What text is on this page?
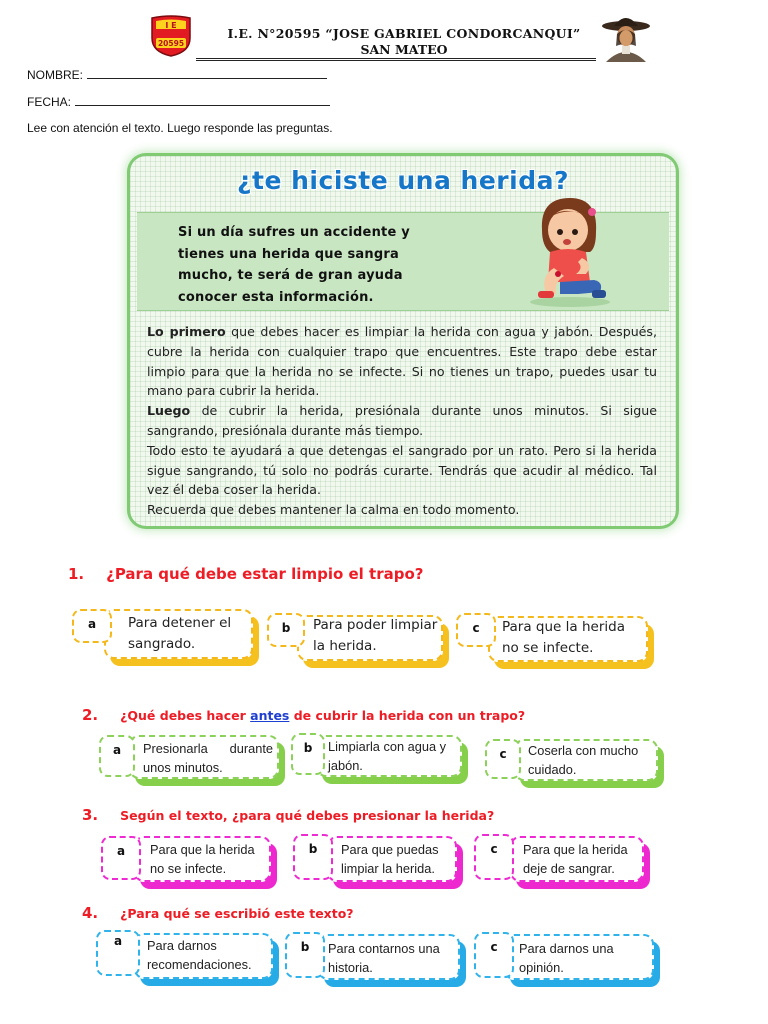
I E
20595
I.E. N°20595 “JOSE GABRIEL CONDORCANQUI”
SAN MATEO
NOMBRE:
FECHA:
Lee con atención el texto. Luego responde las preguntas.
¿te hiciste una herida?
Si un día sufres un accidente y tienes una herida que sangra mucho, te será de gran ayuda conocer esta información.

Lo primero que debes hacer es limpiar la herida con agua y jabón. Después, cubre la herida con cualquier trapo que encuentres. Este trapo debe estar limpio para que la herida no se infecte. Si no tienes un trapo, puedes usar tu mano para cubrir la herida.

Luego de cubrir la herida, presiónala durante unos minutos. Si sigue sangrando, presiónala durante más tiempo.

Todo esto te ayudará a que detengas el sangrado por un rato. Pero si la herida sigue sangrando, tú solo no podrás curarte. Tendrás que acudir al médico. Tal vez él deba coser la herida.

Recuerda que debes mantener la calma en todo momento.

1. ¿Para qué debe estar limpio el trapo?
a	Para detener el sangrado.
b	Para poder limpiar la herida.
c	Para que la herida no se infecte.
2. ¿Qué debes hacer antes de cubrir la herida con un trapo?
a	Presionarla durante unos minutos.
b	Limpiarla con agua y jabón.
c	Coserla con mucho cuidado.
3. Según el texto, ¿para qué debes presionar la herida?
a	Para que la herida no se infecte.
b	Para que puedas limpiar la herida.
c	Para que la herida deje de sangrar.
4. ¿Para qué se escribió este texto?
a	Para darnos recomendaciones.
b	Para contarnos una historia.
c	Para darnos una opinión.
